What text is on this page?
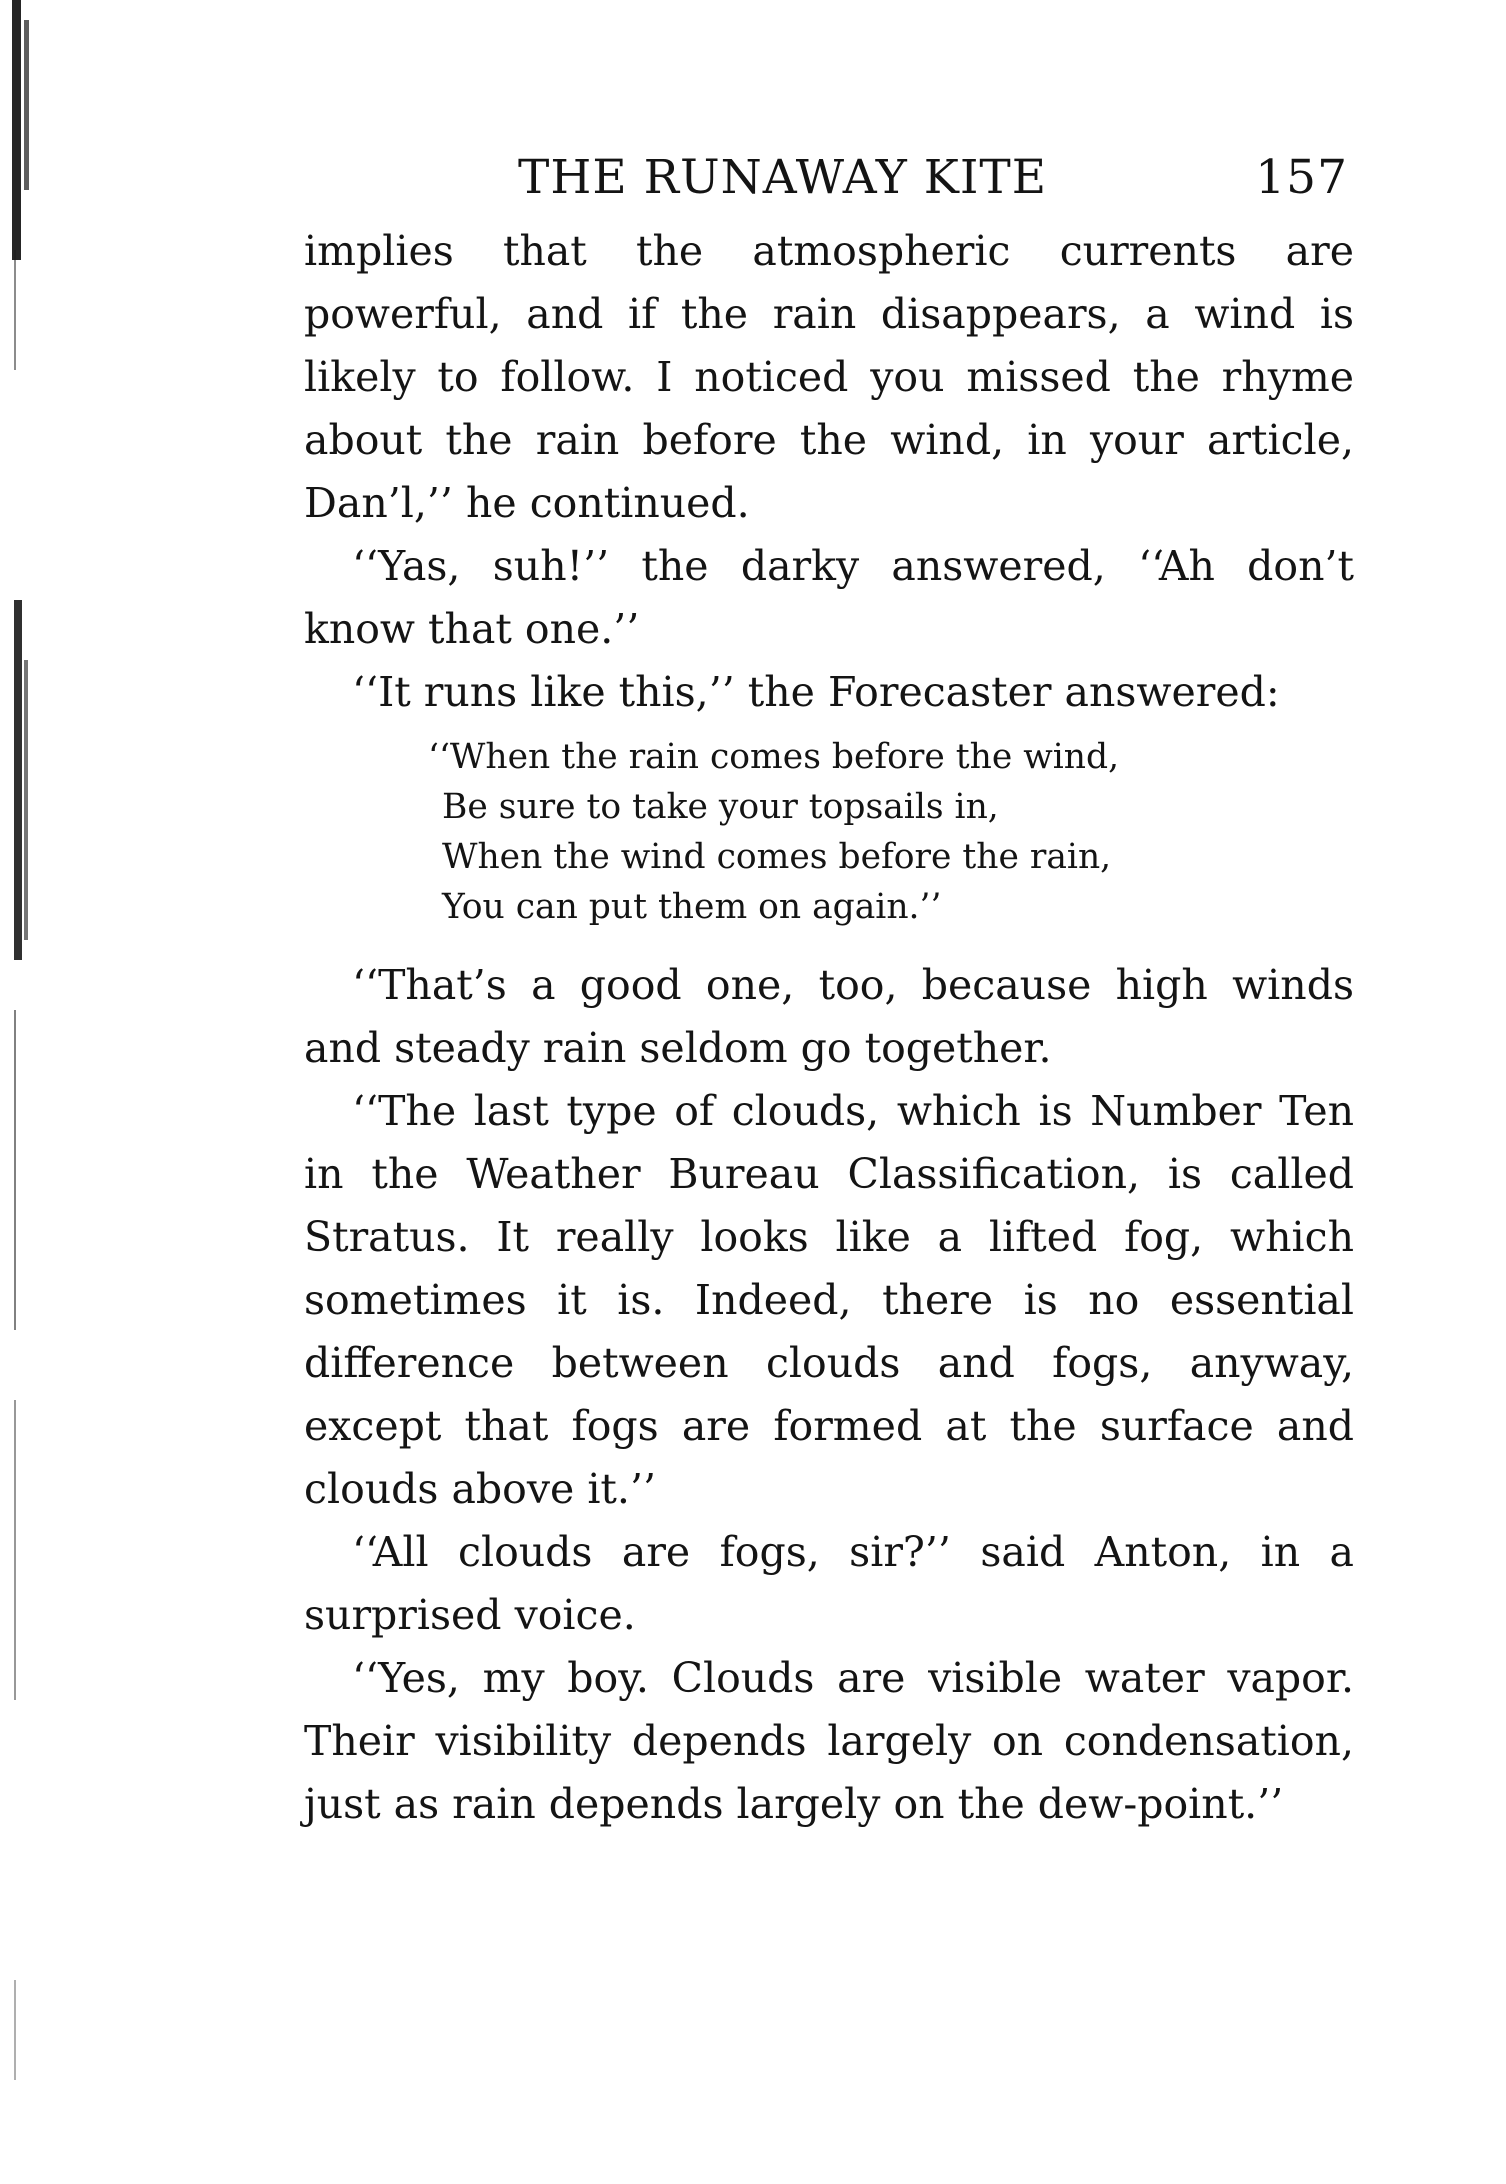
THE RUNAWAY KITE	157

implies that the atmospheric currents are powerful, and if the rain disappears, a wind is likely to follow. I noticed you missed the rhyme about the rain before the wind, in your article, Dan’l,’’ he continued.

‘‘Yas, suh!’’ the darky answered, ‘‘Ah don’t know that one.’’

‘‘It runs like this,’’ the Forecaster answered:

‘‘When the rain comes before the wind,
Be sure to take your topsails in,
When the wind comes before the rain,
You can put them on again.’’

‘‘That’s a good one, too, because high winds and steady rain seldom go together.

‘‘The last type of clouds, which is Number Ten in the Weather Bureau Classification, is called Stratus. It really looks like a lifted fog, which sometimes it is. Indeed, there is no essential difference between clouds and fogs, anyway, except that fogs are formed at the surface and clouds above it.’’

‘‘All clouds are fogs, sir?’’ said Anton, in a surprised voice.

‘‘Yes, my boy. Clouds are visible water vapor. Their visibility depends largely on condensation, just as rain depends largely on the dew-point.’’
